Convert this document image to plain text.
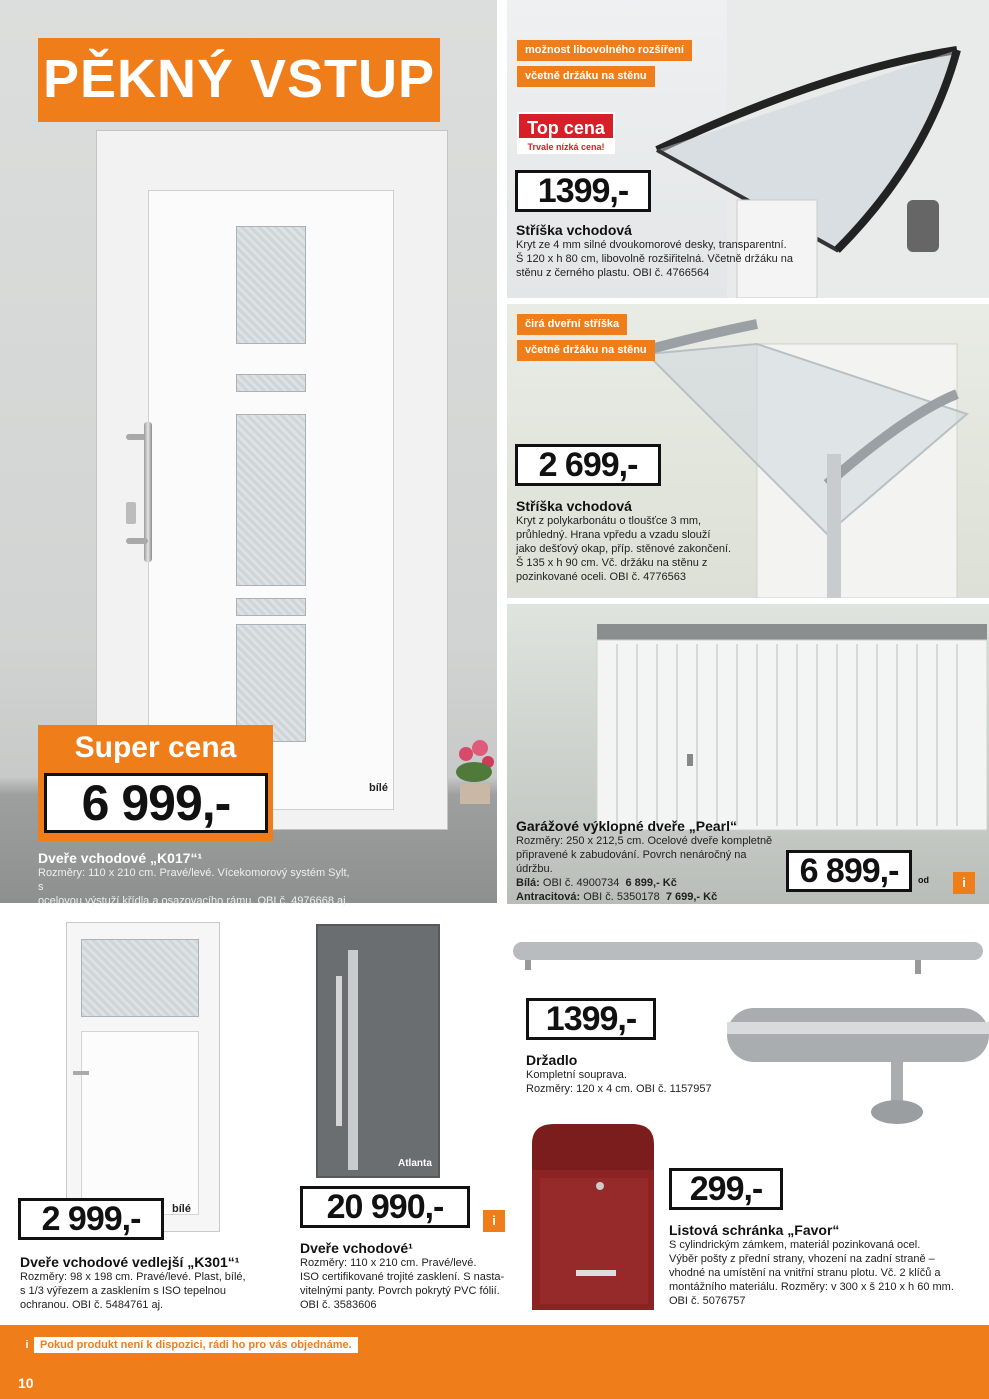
PĚKNÝ VSTUP
Super cena
6 999,-	bílé
Dveře vchodové „K017“¹
Rozměry: 110 x 210 cm. Pravé/levé. Vícekomorový systém Sylt, s
ocelovou výstuží křídla a osazovacího rámu. OBI č. 4976668 aj.
možnost libovolného rozšíření
včetně držáku na stěnu
Top cena
Trvale nízká cena!
1399,-
Stříška vchodová
Kryt ze 4 mm silné dvoukomorové desky, transparentní.
Š 120 x h 80 cm, libovolně rozšiřitelná. Včetně držáku na
stěnu z černého plastu. OBI č. 4766564
čirá dveřní stříška
včetně držáku na stěnu
2 699,-
Stříška vchodová
Kryt z polykarbonátu o tloušťce 3 mm,
průhledný. Hrana vpředu a vzadu slouží
jako dešťový okap, příp. stěnové zakončení.
Š 135 x h 90 cm. Vč. držáku na stěnu z
pozinkované oceli. OBI č. 4776563
Garážové výklopné dveře „Pearl“
Rozměry: 250 x 212,5 cm. Ocelové dveře kompletně
připravené k zabudování. Povrch nenáročný na údržbu.
Bílá: OBI č. 4900734 6 899,- Kč
Antracitová: OBI č. 5350178 7 699,- Kč
6 899,-	od	i
2 999,-	bílé
Dveře vchodové vedlejší „K301“¹
Rozměry: 98 x 198 cm. Pravé/levé. Plast, bílé,
s 1/3 výřezem a zasklením s ISO tepelnou
ochranou. OBI č. 5484761 aj.
Atlanta
20 990,-	i
Dveře vchodové¹
Rozměry: 110 x 210 cm. Pravé/levé.
ISO certifikované trojité zasklení. S nasta-
vitelnými panty. Povrch pokrytý PVC fólií.
OBI č. 3583606
1399,-
Držadlo
Kompletní souprava.
Rozměry: 120 x 4 cm. OBI č. 1157957
299,-
Listová schránka „Favor“
S cylindrickým zámkem, materiál pozinkovaná ocel.
Výběr pošty z přední strany, vhození na zadní straně –
vhodné na umístění na vnitřní stranu plotu. Vč. 2 klíčů a
montážního materiálu. Rozměry: v 300 x š 210 x h 60 mm.
OBI č. 5076757
i	Pokud produkt není k dispozici, rádi ho pro vás objednáme.
10
